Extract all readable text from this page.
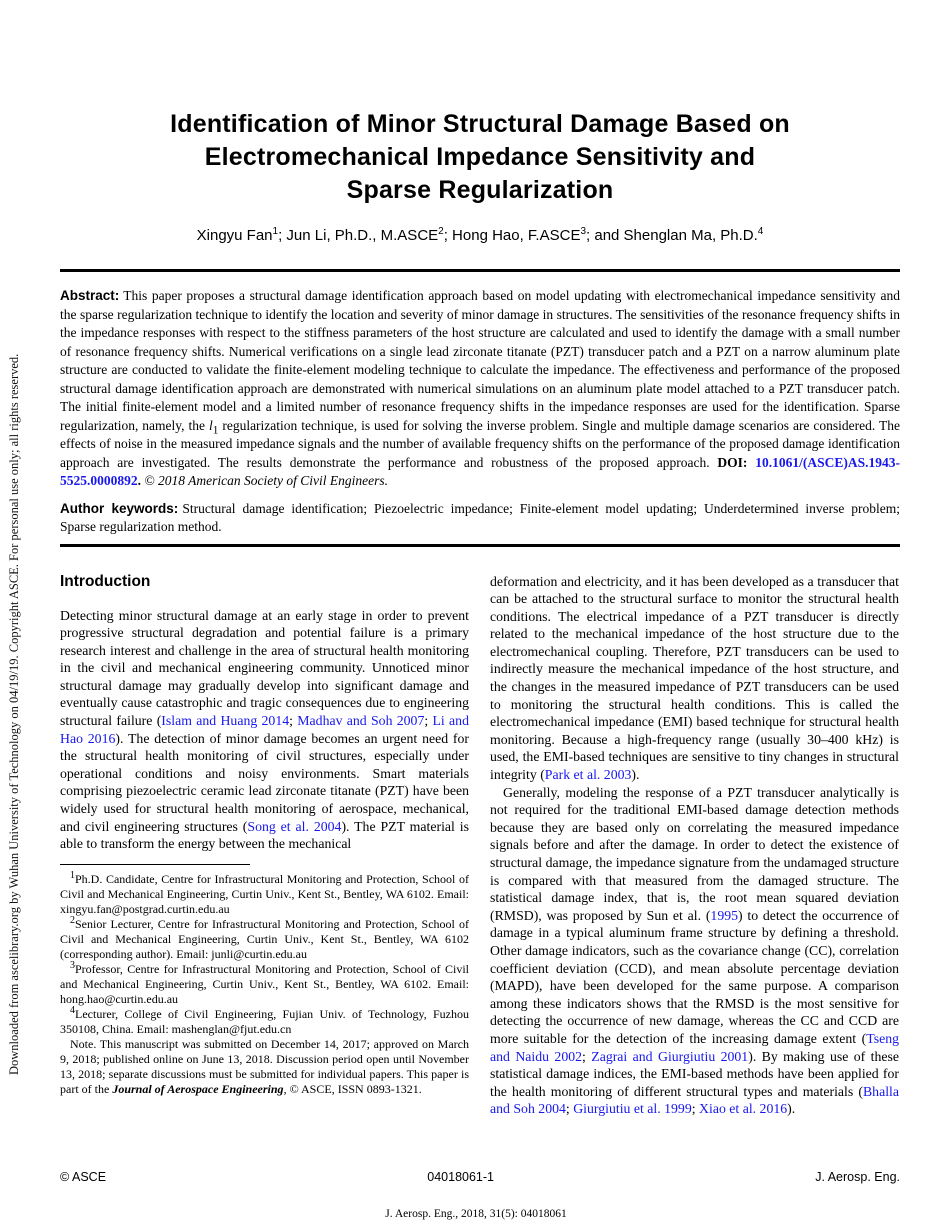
Downloaded from ascelibrary.org by Wuhan University of Technology on 04/19/19. Copyright ASCE. For personal use only; all rights reserved.
Identification of Minor Structural Damage Based on
Electromechanical Impedance Sensitivity and
Sparse Regularization
Xingyu Fan$^1$; Jun Li, Ph.D., M.ASCE$^2$; Hong Hao, F.ASCE$^3$; and Shenglan Ma, Ph.D.$^4$

Abstract: This paper proposes a structural damage identification approach based on model updating with electromechanical impedance sensitivity and the sparse regularization technique to identify the location and severity of minor damage in structures. The sensitivities of the resonance frequency shifts in the impedance responses with respect to the stiffness parameters of the host structure are calculated and used to identify the damage with a small number of resonance frequency shifts. Numerical verifications on a single lead zirconate titanate (PZT) transducer patch and a PZT on a narrow aluminum plate structure are conducted to validate the finite-element modeling technique to calculate the impedance. The effectiveness and performance of the proposed structural damage identification approach are demonstrated with numerical simulations on an aluminum plate model attached to a PZT transducer patch. The initial finite-element model and a limited number of resonance frequency shifts in the impedance responses are used for the identification. Sparse regularization, namely, the $l_1$ regularization technique, is used for solving the inverse problem. Single and multiple damage scenarios are considered. The effects of noise in the measured impedance signals and the number of available frequency shifts on the performance of the proposed damage identification approach are investigated. The results demonstrate the performance and robustness of the proposed approach. DOI: 10.1061/(ASCE)AS.1943-5525.0000892. © 2018 American Society of Civil Engineers.

Author keywords: Structural damage identification; Piezoelectric impedance; Finite-element model updating; Underdetermined inverse problem; Sparse regularization method.

Introduction

Detecting minor structural damage at an early stage in order to prevent progressive structural degradation and potential failure is a primary research interest and challenge in the area of structural health monitoring in the civil and mechanical engineering community. Unnoticed minor structural damage may gradually develop into significant damage and eventually cause catastrophic and tragic consequences due to engineering structural failure (Islam and Huang 2014; Madhav and Soh 2007; Li and Hao 2016). The detection of minor damage becomes an urgent need for the structural health monitoring of civil structures, especially under operational conditions and noisy environments. Smart materials comprising piezoelectric ceramic lead zirconate titanate (PZT) have been widely used for structural health monitoring of aerospace, mechanical, and civil engineering structures (Song et al. 2004). The PZT material is able to transform the energy between the mechanical

$^1$Ph.D. Candidate, Centre for Infrastructural Monitoring and Protection, School of Civil and Mechanical Engineering, Curtin Univ., Kent St., Bentley, WA 6102. Email: xingyu.fan@postgrad.curtin.edu.au

$^2$Senior Lecturer, Centre for Infrastructural Monitoring and Protection, School of Civil and Mechanical Engineering, Curtin Univ., Kent St., Bentley, WA 6102 (corresponding author). Email: junli@curtin.edu.au

$^3$Professor, Centre for Infrastructural Monitoring and Protection, School of Civil and Mechanical Engineering, Curtin Univ., Kent St., Bentley, WA 6102. Email: hong.hao@curtin.edu.au

$^4$Lecturer, College of Civil Engineering, Fujian Univ. of Technology, Fuzhou 350108, China. Email: mashenglan@fjut.edu.cn

Note. This manuscript was submitted on December 14, 2017; approved on March 9, 2018; published online on June 13, 2018. Discussion period open until November 13, 2018; separate discussions must be submitted for individual papers. This paper is part of the Journal of Aerospace Engineering, © ASCE, ISSN 0893-1321.

deformation and electricity, and it has been developed as a transducer that can be attached to the structural surface to monitor the structural health conditions. The electrical impedance of a PZT transducer is directly related to the mechanical impedance of the host structure due to the electromechanical coupling. Therefore, PZT transducers can be used to indirectly measure the mechanical impedance of the host structure, and the changes in the measured impedance of PZT transducers can be used to monitoring the structural health conditions. This is called the electromechanical impedance (EMI) based technique for structural health monitoring. Because a high-frequency range (usually 30–400 kHz) is used, the EMI-based techniques are sensitive to tiny changes in structural integrity (Park et al. 2003).

Generally, modeling the response of a PZT transducer analytically is not required for the traditional EMI-based damage detection methods because they are based only on correlating the measured impedance signals before and after the damage. In order to detect the existence of structural damage, the impedance signature from the undamaged structure is compared with that measured from the damaged structure. The statistical damage index, that is, the root mean squared deviation (RMSD), was proposed by Sun et al. (1995) to detect the occurrence of damage in a typical aluminum frame structure by defining a threshold. Other damage indicators, such as the covariance change (CC), correlation coefficient deviation (CCD), and mean absolute percentage deviation (MAPD), have been developed for the same purpose. A comparison among these indicators shows that the RMSD is the most sensitive for detecting the occurrence of new damage, whereas the CC and CCD are more suitable for the detection of the increasing damage extent (Tseng and Naidu 2002; Zagrai and Giurgiutiu 2001). By making use of these statistical damage indices, the EMI-based methods have been applied for the health monitoring of different structural types and materials (Bhalla and Soh 2004; Giurgiutiu et al. 1999; Xiao et al. 2016).

© ASCE	04018061-1	J. Aerosp. Eng.
J. Aerosp. Eng., 2018, 31(5): 04018061
